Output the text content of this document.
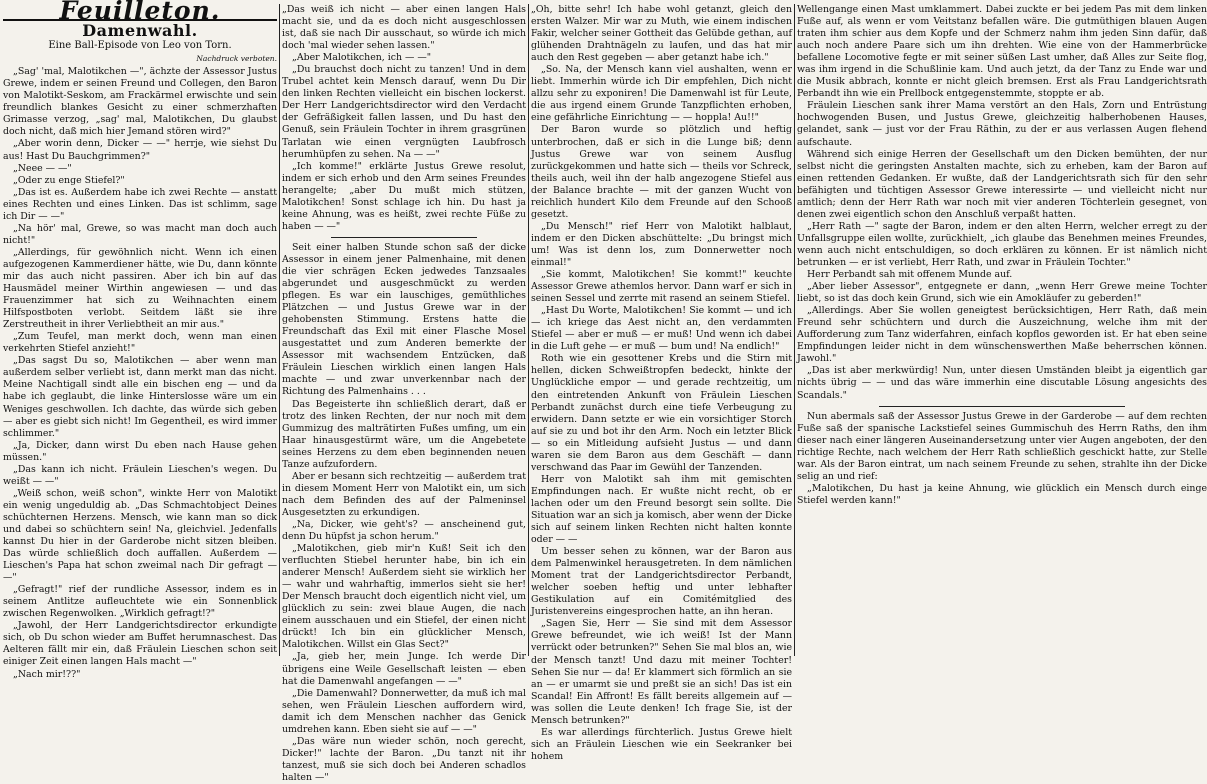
Feuilleton.
Damenwahl.
Eine Ball-Episode von Leo von Torn.
Nachdruck verboten.

„Sag' 'mal, Malotikchen —", ächzte der Assessor Justus Grewe, indem er seinen Freund und Collegen, den Baron von Malotikt-Seskom, am Frackärmel erwischte und sein freundlich blankes Gesicht zu einer schmerzhaften Grimasse verzog, „sag' mal, Malotikchen, Du glaubst doch nicht, daß mich hier Jemand stören wird?"

„Aber worin denn, Dicker — —" herrje, wie siehst Du aus! Hast Du Bauchgrimmen?"

„Neee — —"

„Oder zu enge Stiefel?"

„Das ist es. Außerdem habe ich zwei Rechte — anstatt eines Rechten und eines Linken. Das ist schlimm, sage ich Dir — —"

„Na hör' mal, Grewe, so was macht man doch auch nicht!"

„Allerdings, für gewöhnlich nicht. Wenn ich einen aufgezogenen Kammerdiener hätte, wie Du, dann könnte mir das auch nicht passiren. Aber ich bin auf das Hausmädel meiner Wirthin angewiesen — und das Frauenzimmer hat sich zu Weihnachten einem Hilfspostboten verlobt. Seitdem läßt sie ihre Zerstreutheit in ihrer Verliebtheit an mir aus."

„Zum Teufel, man merkt doch, wenn man einen verkehrten Stiefel anzieht!"

„Das sagst Du so, Malotikchen — aber wenn man außerdem selber verliebt ist, dann merkt man das nicht. Meine Nachtigall sindt alle ein bischen eng — und da habe ich geglaubt, die linke Hinterslosse wäre um ein Weniges geschwollen. Ich dachte, das würde sich geben — aber es giebt sich nicht! Im Gegentheil, es wird immer schlimmer."

„Ja, Dicker, dann wirst Du eben nach Hause gehen müssen."

„Das kann ich nicht. Fräulein Lieschen's wegen. Du weißt — —"

„Weiß schon, weiß schon", winkte Herr von Malotikt ein wenig ungeduldig ab. „Das Schmachtobject Deines schüchternen Herzens. Mensch, wie kann man so dick und dabei so schüchtern sein! Na, gleichviel. Jedenfalls kannst Du hier in der Garderobe nicht sitzen bleiben. Das würde schließlich doch auffallen. Außerdem — Lieschen's Papa hat schon zweimal nach Dir gefragt — —"

„Gefragt!" rief der rundliche Assessor, indem es in seinem Antlitze aufleuchtete wie ein Sonnenblick zwischen Regenwolken. „Wirklich gefragt!?"

„Jawohl, der Herr Landgerichtsdirector erkundigte sich, ob Du schon wieder am Buffet herumnaschest. Das Aelteren fällt mir ein, daß Fräulein Lieschen schon seit einiger Zeit einen langen Hals macht —"

„Nach mir!??"

„Das weiß ich nicht — aber einen langen Hals macht sie, und da es doch nicht ausgeschlossen ist, daß sie nach Dir ausschaut, so würde ich mich doch 'mal wieder sehen lassen."

„Aber Malotikchen, ich — —"

„Du brauchst doch nicht zu tanzen! Und in dem Trubel achtet kein Mensch darauf, wenn Du Dir den linken Rechten vielleicht ein bischen lockerst. Der Herr Landgerichtsdirector wird den Verdacht der Gefräßigkeit fallen lassen, und Du hast den Genuß, sein Fräulein Tochter in ihrem grasgrünen Tarlatan wie einen vergnügten Laubfrosch herumhüpfen zu sehen. Na — —"

„Ich komme!" erklärte Justus Grewe resolut, indem er sich erhob und den Arm seines Freundes herangelte; „aber Du mußt mich stützen, Malotikchen! Sonst schlage ich hin. Du hast ja keine Ahnung, was es heißt, zwei rechte Füße zu haben — —"

Seit einer halben Stunde schon saß der dicke Assessor in einem jener Palmenhaine, mit denen die vier schrägen Ecken jedwedes Tanzsaales abgerundet und ausgeschmückt zu werden pflegen. Es war ein lauschiges, gemüthliches Plätzchen — und Justus Grewe war in der gehobensten Stimmung. Erstens hatte die Freundschaft das Exil mit einer Flasche Mosel ausgestattet und zum Anderen bemerkte der Assessor mit wachsendem Entzücken, daß Fräulein Lieschen wirklich einen langen Hals machte — und zwar unverkennbar nach der Richtung des Palmenhains . . .

Das Begeisterte ihn schließlich derart, daß er trotz des linken Rechten, der nur noch mit dem Gummizug des malträtirten Fußes umfing, um ein Haar hinausgestürmt wäre, um die Angebetete seines Herzens zu dem eben beginnenden neuen Tanze aufzufordern.

Aber er besann sich rechtzeitig — außerdem trat in diesem Moment Herr von Malotikt ein, um sich nach dem Befinden des auf der Palmeninsel Ausgesetzten zu erkundigen.

„Na, Dicker, wie geht's? — anscheinend gut, denn Du hüpfst ja schon herum."

„Malotikchen, gieb mir'n Kuß! Seit ich den verfluchten Stiebel herunter habe, bin ich ein anderer Mensch! Außerdem sieht sie wirklich her — wahr und wahrhaftig, immerlos sieht sie her! Der Mensch braucht doch eigentlich nicht viel, um glücklich zu sein: zwei blaue Augen, die nach einem ausschauen und ein Stiefel, der einen nicht drückt! Ich bin ein glücklicher Mensch, Malotikchen. Willst ein Glas Sect?"

„Ja, gieb her, mein Junge. Ich werde Dir übrigens eine Weile Gesellschaft leisten — eben hat die Damenwahl angefangen — —"

„Die Damenwahl? Donnerwetter, da muß ich mal sehen, wen Fräulein Lieschen auffordern wird, damit ich dem Menschen nachher das Genick umdrehen kann. Eben sieht sie auf — —"

„Das wäre nun wieder schön, noch gerecht, Dicker!" lachte der Baron. „Du tanzt nit ihr tanzest, muß sie sich doch bei Anderen schadlos halten —"

„Oh, bitte sehr! Ich habe wohl getanzt, gleich den ersten Walzer. Mir war zu Muth, wie einem indischen Fakir, welcher seiner Gottheit das Gelübde gethan, auf glühenden Drahtnägeln zu laufen, und das hat mir auch den Rest gegeben — aber getanzt habe ich."

„So. Na, der Mensch kann viel aushalten, wenn er liebt. Immerhin würde ich Dir empfehlen, Dich nicht allzu sehr zu exponiren! Die Damenwahl ist für Leute, die aus irgend einem Grunde Tanzpflichten erhoben, eine gefährliche Einrichtung — — hoppla! Au!!"

Der Baron wurde so plötzlich und heftig unterbrochen, daß er sich in die Lunge biß; denn Justus Grewe war von seinem Ausflug zurückgekommen und hatte sich — theils vor Schreck, theils auch, weil ihn der halb angezogene Stiefel aus der Balance brachte — mit der ganzen Wucht von reichlich hundert Kilo dem Freunde auf den Schooß gesetzt.

„Du Mensch!" rief Herr von Malotikt halblaut, indem er den Dicken abschüttelte: „Du bringst mich um! Was ist denn los, zum Donnerwetter noch einmal!"

„Sie kommt, Malotikchen! Sie kommt!" keuchte Assessor Grewe athemlos hervor. Dann warf er sich in seinen Sessel und zerrte mit rasend an seinem Stiefel.

„Hast Du Worte, Malotikchen! Sie kommt — und ich — ich kriege das Aest nicht an, den verdammten Stiefel — aber er muß — er muß! Und wenn ich dabei in die Luft gehe — er muß — bum und! Na endlich!"

Roth wie ein gesottener Krebs und die Stirn mit hellen, dicken Schweißtropfen bedeckt, hinkte der Unglückliche empor — und gerade rechtzeitig, um den eintretenden Ankunft von Fräulein Lieschen Perbandt zunächst durch eine tiefe Verbeugung zu erwidern. Dann setzte er wie ein vorsichtiger Storch auf sie zu und bot ihr den Arm. Noch ein letzter Blick — so ein Mitleidung aufsieht Justus — und dann waren sie dem Baron aus dem Geschäft — dann verschwand das Paar im Gewühl der Tanzenden.

Herr von Malotikt sah ihm mit gemischten Empfindungen nach. Er wußte nicht recht, ob er lachen oder um den Freund besorgt sein sollte. Die Situation war an sich ja komisch, aber wenn der Dicke sich auf seinem linken Rechten nicht halten konnte oder — —

Um besser sehen zu können, war der Baron aus dem Palmenwinkel herausgetreten. In dem nämlichen Moment trat der Landgerichtsdirector Perbandt, welcher soeben heftig und unter lebhafter Gestikulation auf ein Comitémitglied des Juristenvereins eingesprochen hatte, an ihn heran.

„Sagen Sie, Herr — Sie sind mit dem Assessor Grewe befreundet, wie ich weiß! Ist der Mann verrückt oder betrunken?" Sehen Sie mal blos an, wie der Mensch tanzt! Und dazu mit meiner Tochter! Sehen Sie nur — da! Er klammert sich förmlich an sie an — er umarmt sie und preßt sie an sich! Das ist ein Scandal! Ein Affront! Es fällt bereits allgemein auf — was sollen die Leute denken! Ich frage Sie, ist der Mensch betrunken?"

Es war allerdings fürchterlich. Justus Grewe hielt sich an Fräulein Lieschen wie ein Seekranker bei hohem

Wellengange einen Mast umklammert. Dabei zuckte er bei jedem Pas mit dem linken Fuße auf, als wenn er vom Veitstanz befallen wäre. Die gutmüthigen blauen Augen traten ihm schier aus dem Kopfe und der Schmerz nahm ihm jeden Sinn dafür, daß auch noch andere Paare sich um ihn drehten. Wie eine von der Hammerbrücke befallene Locomotive fegte er mit seiner süßen Last umher, daß Alles zur Seite flog, was ihm irgend in die Schußlinie kam. Und auch jetzt, da der Tanz zu Ende war und die Musik abbrach, konnte er nicht gleich bremsen. Erst als Frau Landgerichtsrath Perbandt ihn wie ein Prellbock entgegenstemmte, stoppte er ab.

Fräulein Lieschen sank ihrer Mama verstört an den Hals, Zorn und Entrüstung hochwogenden Busen, und Justus Grewe, gleichzeitig halberhobenen Hauses, gelandet, sank — just vor der Frau Räthin, zu der er aus verlassen Augen flehend aufschaute.

Während sich einige Herren der Gesellschaft um den Dicken bemühten, der nur selbst nicht die geringsten Anstalten machte, sich zu erheben, kam der Baron auf einen rettenden Gedanken. Er wußte, daß der Landgerichtsrath sich für den sehr befähigten und tüchtigen Assessor Grewe interessirte — und vielleicht nicht nur amtlich; denn der Herr Rath war noch mit vier anderen Töchterlein gesegnet, von denen zwei eigentlich schon den Anschluß verpaßt hatten.

„Herr Rath —" sagte der Baron, indem er den alten Herrn, welcher erregt zu der Unfallsgruppe eilen wollte, zurückhielt, „ich glaube das Benehmen meines Freundes, wenn auch nicht entschuldigen, so doch erklären zu können. Er ist nämlich nicht betrunken — er ist verliebt, Herr Rath, und zwar in Fräulein Tochter."

Herr Perbandt sah mit offenem Munde auf.

„Aber lieber Assessor", entgegnete er dann, „wenn Herr Grewe meine Tochter liebt, so ist das doch kein Grund, sich wie ein Amokläufer zu geberden!"

„Allerdings. Aber Sie wollen geneigtest berücksichtigen, Herr Rath, daß mein Freund sehr schüchtern und durch die Auszeichnung, welche ihm mit der Aufforderung zum Tanz widerfahren, einfach kopflos geworden ist. Er hat eben seine Empfindungen leider nicht in dem wünschenswerthen Maße beherrschen können. Jawohl."

„Das ist aber merkwürdig! Nun, unter diesen Umständen bleibt ja eigentlich gar nichts übrig — — und das wäre immerhin eine discutable Lösung angesichts des Scandals."

Nun abermals saß der Assessor Justus Grewe in der Garderobe — auf dem rechten Fuße saß der spanische Lackstiefel seines Gummischuh des Herrn Raths, den ihm dieser nach einer längeren Auseinandersetzung unter vier Augen angeboten, der den richtige Rechte, nach welchem der Herr Rath schließlich geschickt hatte, zur Stelle war. Als der Baron eintrat, um nach seinem Freunde zu sehen, strahlte ihn der Dicke selig an und rief:

„Malotikchen, Du hast ja keine Ahnung, wie glücklich ein Mensch durch einge Stiefel werden kann!"
